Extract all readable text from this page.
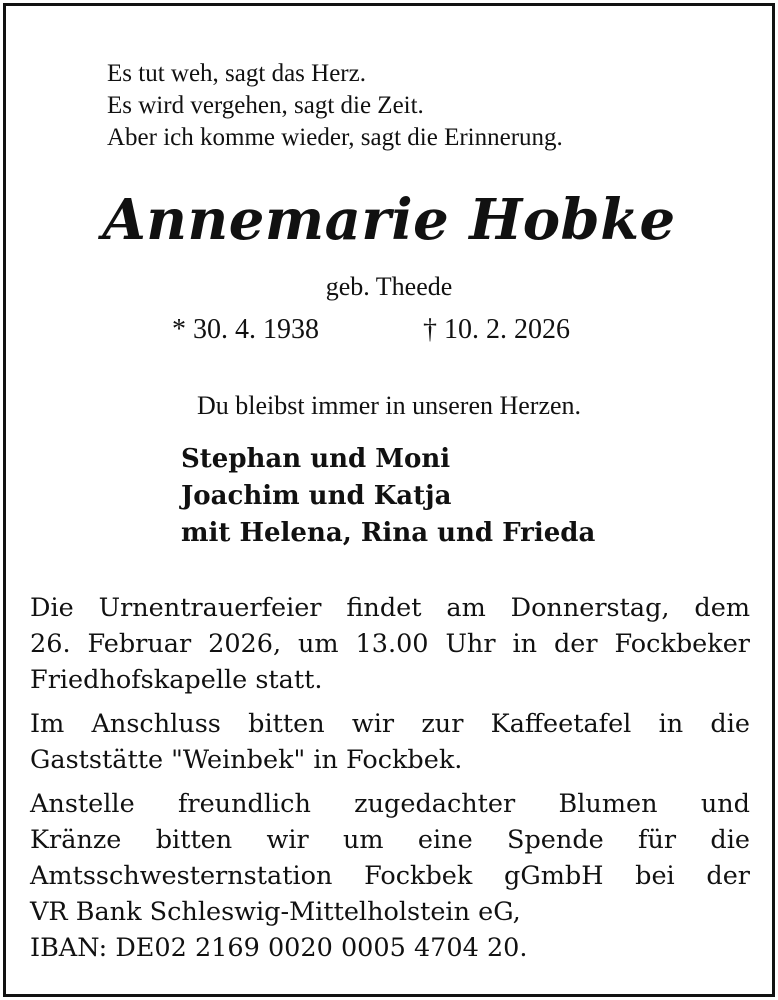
Es tut weh, sagt das Herz.
Es wird vergehen, sagt die Zeit.
Aber ich komme wieder, sagt die Erinnerung.
Annemarie Hobke
geb. Theede
* 30. 4. 1938	† 10. 2. 2026
Du bleibst immer in unseren Herzen.
Stephan und Moni
Joachim und Katja
mit Helena, Rina und Frieda
Die Urnentrauerfeier findet am Donnerstag, dem
26. Februar 2026, um 13.00 Uhr in der Fockbeker
Friedhofskapelle statt.
Im Anschluss bitten wir zur Kaffeetafel in die
Gaststätte "Weinbek" in Fockbek.
Anstelle freundlich zugedachter Blumen und
Kränze bitten wir um eine Spende für die
Amtsschwesternstation Fockbek gGmbH bei der
VR Bank Schleswig-Mittelholstein eG,
IBAN: DE02 2169 0020 0005 4704 20.
